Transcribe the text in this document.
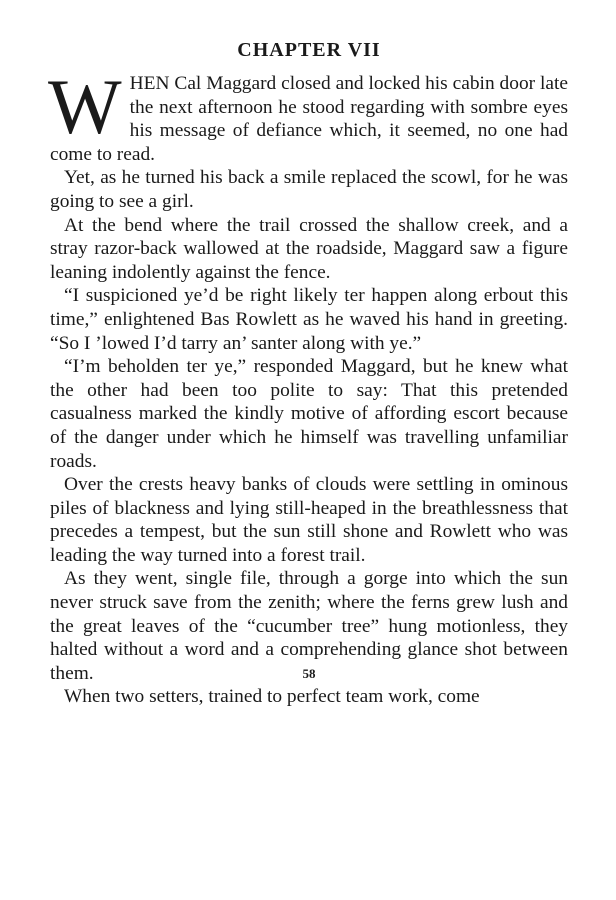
CHAPTER VII

WHEN Cal Maggard closed and locked his cabin door late the next afternoon he stood regarding with sombre eyes his message of defiance which, it seemed, no one had come to read.

Yet, as he turned his back a smile replaced the scowl, for he was going to see a girl.

At the bend where the trail crossed the shallow creek, and a stray razor-back wallowed at the roadside, Maggard saw a figure leaning indolently against the fence.

“I suspicioned ye’d be right likely ter happen along erbout this time,” enlightened Bas Rowlett as he waved his hand in greeting. “So I ’lowed I’d tarry an’ santer along with ye.”

“I’m beholden ter ye,” responded Maggard, but he knew what the other had been too polite to say: That this pretended casualness marked the kindly motive of affording escort because of the danger under which he himself was travelling unfamiliar roads.

Over the crests heavy banks of clouds were settling in ominous piles of blackness and lying still-heaped in the breathlessness that precedes a tempest, but the sun still shone and Rowlett who was leading the way turned into a forest trail.

As they went, single file, through a gorge into which the sun never struck save from the zenith; where the ferns grew lush and the great leaves of the “cucumber tree” hung motionless, they halted without a word and a comprehending glance shot between them.

When two setters, trained to perfect team work, come

58
